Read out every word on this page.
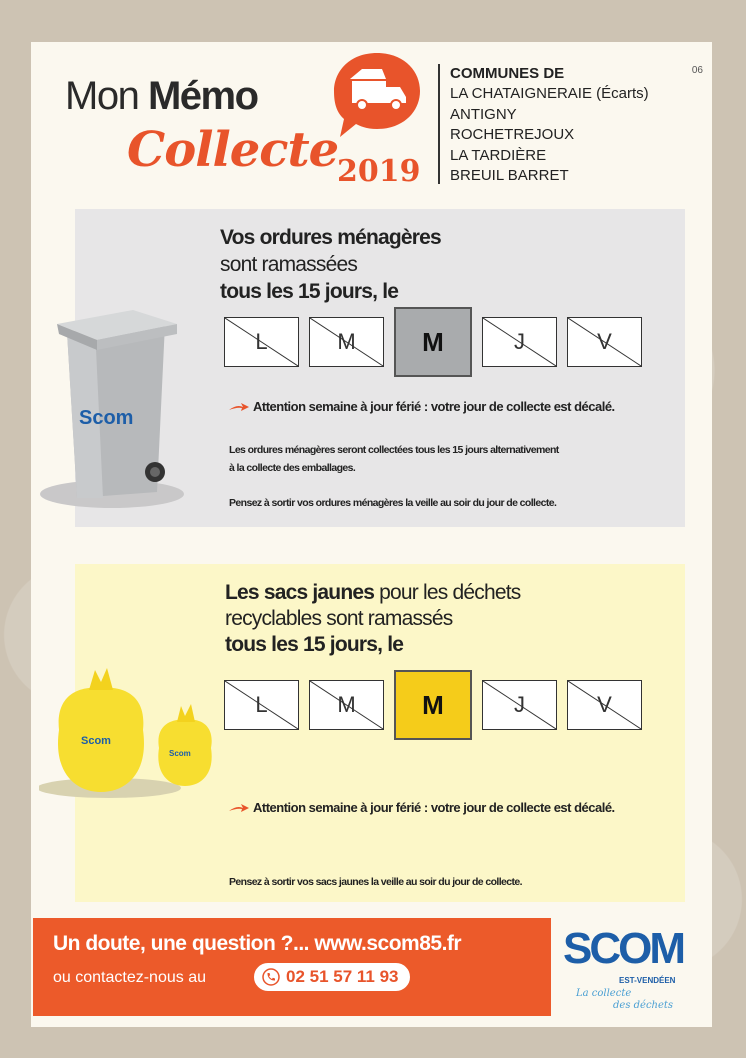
Mon Mémo
Collecte
2019
COMMUNES DE
LA CHATAIGNERAIE (Écarts)
ANTIGNY
ROCHETREJOUX
LA TARDIÈRE
BREUIL BARRET
06
Scom
Vos ordures ménagères
sont ramassées
tous les 15 jours, le
L	M	M	J	V
Attention semaine à jour férié : votre jour de collecte est décalé.
Les ordures ménagères seront collectées tous les 15 jours alternativement
à la collecte des emballages.
Pensez à sortir vos ordures ménagères la veille au soir du jour de collecte.
Scom
Scom
Les sacs jaunes pour les déchets
recyclables sont ramassés
tous les 15 jours, le
L	M	M	J	V
Attention semaine à jour férié : votre jour de collecte est décalé.
Pensez à sortir vos sacs jaunes la veille au soir du jour de collecte.
Un doute, une question ?... www.scom85.fr
ou contactez-nous au	02 51 57 11 93
SCOM
EST-VENDÉEN
La collecte
des déchets
